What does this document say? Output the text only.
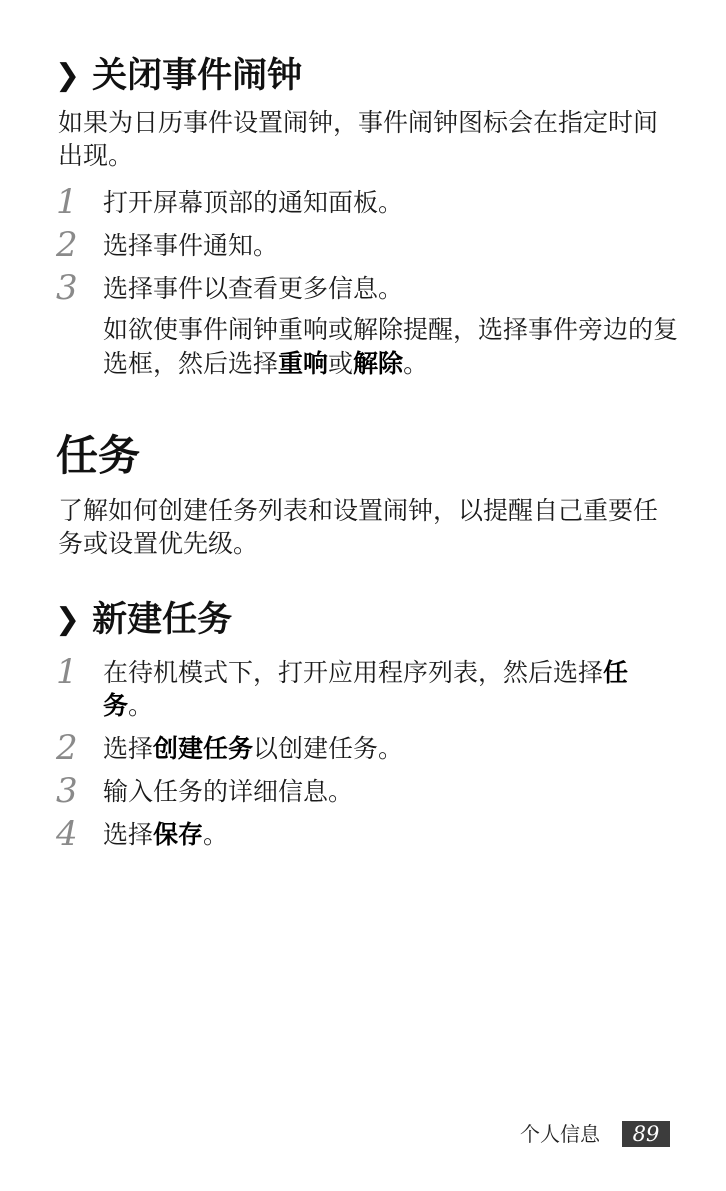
❯ 关闭事件闹钟
如果为日历事件设置闹钟，事件闹钟图标会在指定时间出现。
1	打开屏幕顶部的通知面板。
2	选择事件通知。
3	选择事件以查看更多信息。
如欲使事件闹钟重响或解除提醒，选择事件旁边的复选框，然后选择重响或解除。
任务
了解如何创建任务列表和设置闹钟，以提醒自己重要任务或设置优先级。
❯ 新建任务
1	在待机模式下，打开应用程序列表，然后选择任务。
2	选择创建任务以创建任务。
3	输入任务的详细信息。
4	选择保存。
个人信息	89
